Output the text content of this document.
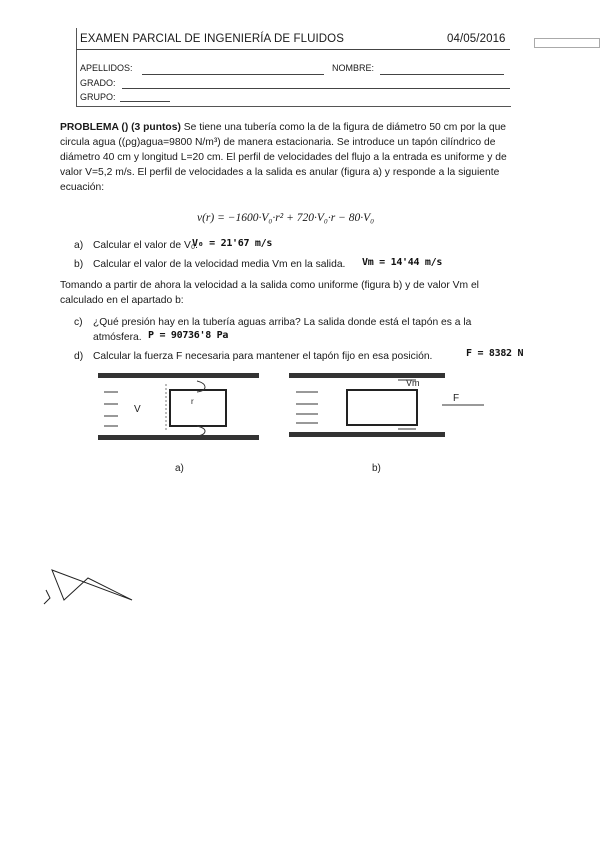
EXAMEN PARCIAL DE INGENIERÍA DE FLUIDOS	04/05/2016
APELLIDOS:	NOMBRE:
GRADO:
GRUPO:
PROBLEMA () (3 puntos) Se tiene una tubería como la de la figura de diámetro 50 cm por la que
circula agua ((ρg)agua=9800 N/m³) de manera estacionaria. Se introduce un tapón cilíndrico de
diámetro 40 cm y longitud L=20 cm. El perfil de velocidades del flujo a la entrada es uniforme y de
valor V=5,2 m/s. El perfil de velocidades a la salida es anular (figura a) y responde a la siguiente
ecuación:
v(r) = −1600·V₀·r² + 720·V₀·r − 80·V₀
a) Calcular el valor de V₀.
V₀ = 21'67 m/s
b) Calcular el valor de la velocidad media Vm en la salida. Vm = 14'44 m/s
Tomando a partir de ahora la velocidad a la salida como uniforme (figura b) y de valor Vm el
calculado en el apartado b:
c) ¿Qué presión hay en la tubería aguas arriba? La salida donde está el tapón es a la
atmósfera. P = 90736'8 Pa
d) Calcular la fuerza F necesaria para mantener el tapón fijo en esa posición.	F = 8382 N
V
r
a)
Vm
F
b)
